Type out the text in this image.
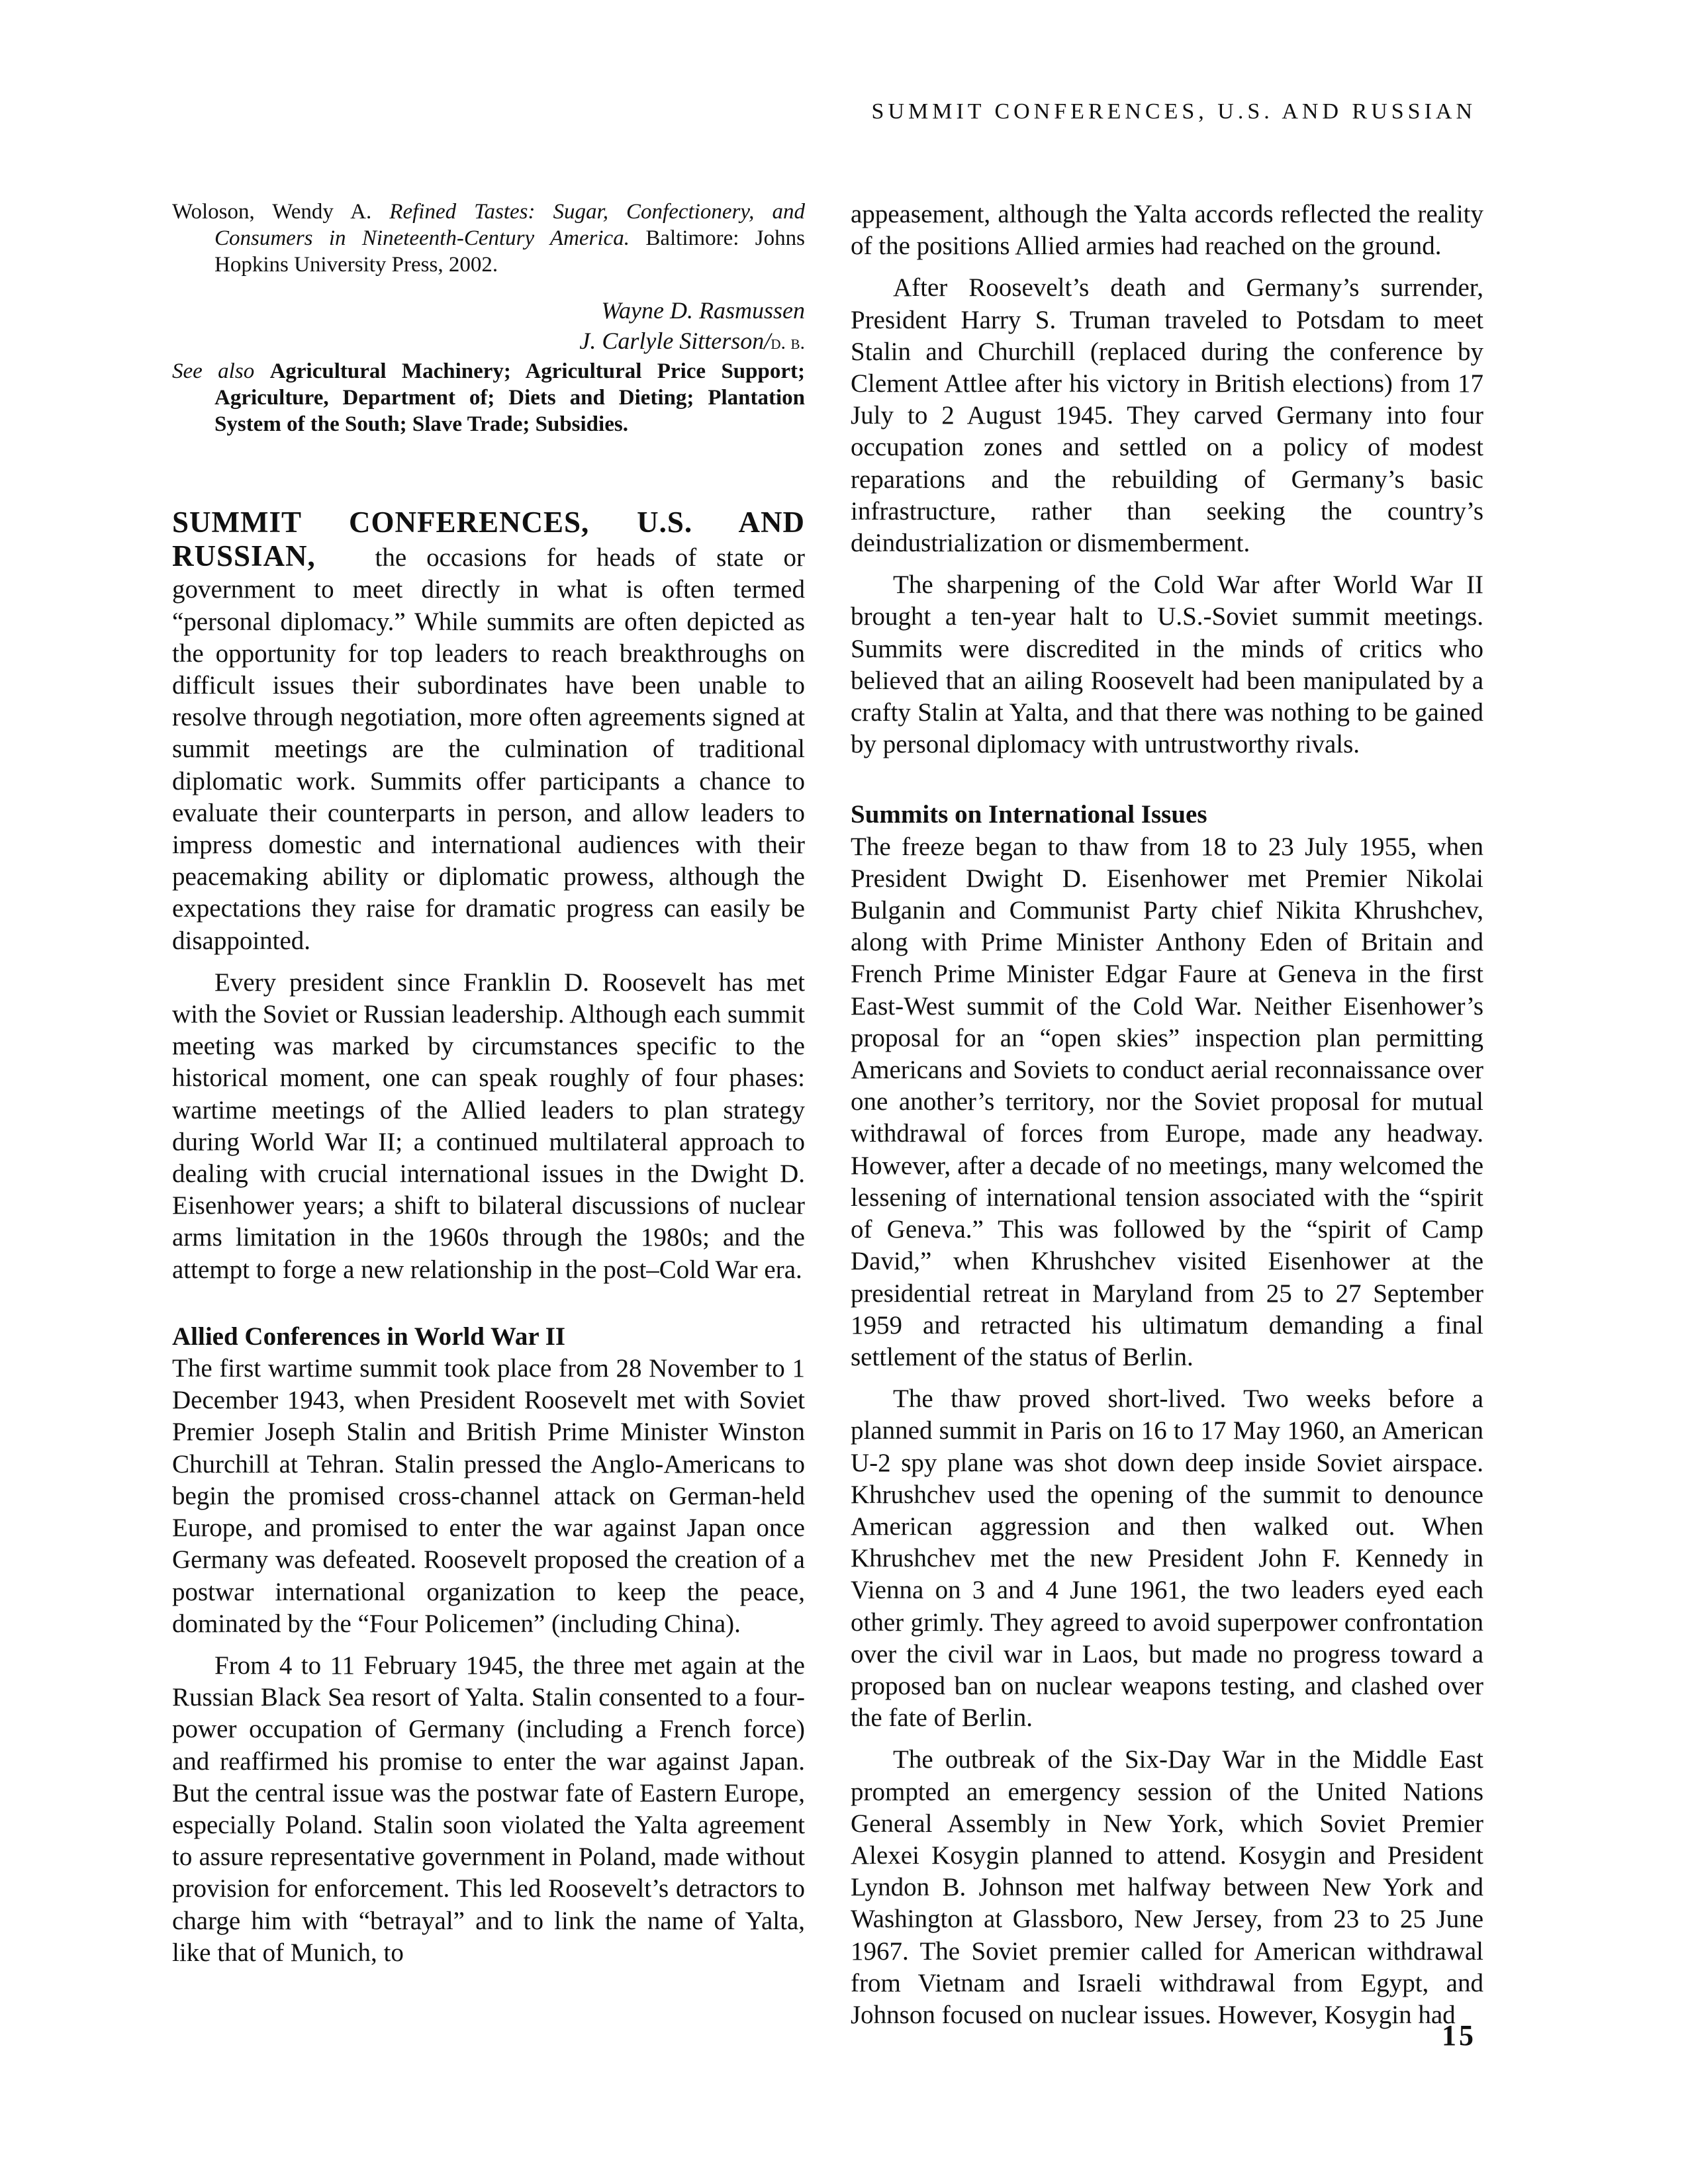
SUMMIT CONFERENCES, U.S. AND RUSSIAN

Woloson, Wendy A. Refined Tastes: Sugar, Confectionery, and Consumers in Nineteenth-Century America. Baltimore: Johns Hopkins University Press, 2002.

Wayne D. Rasmussen
J. Carlyle Sitterson/d. b.

See also Agricultural Machinery; Agricultural Price Support; Agriculture, Department of; Diets and Dieting; Plantation System of the South; Slave Trade; Subsidies.

SUMMIT CONFERENCES, U.S. AND RUSSIAN, the occasions for heads of state or government to meet directly in what is often termed “personal diplomacy.” While summits are often depicted as the opportunity for top leaders to reach breakthroughs on difficult issues their subordinates have been unable to resolve through negotiation, more often agreements signed at summit meetings are the culmination of traditional diplomatic work. Summits offer participants a chance to evaluate their counterparts in person, and allow leaders to impress domestic and international audiences with their peacemaking ability or diplomatic prowess, although the expectations they raise for dramatic progress can easily be disappointed.

Every president since Franklin D. Roosevelt has met with the Soviet or Russian leadership. Although each summit meeting was marked by circumstances specific to the historical moment, one can speak roughly of four phases: wartime meetings of the Allied leaders to plan strategy during World War II; a continued multilateral approach to dealing with crucial international issues in the Dwight D. Eisenhower years; a shift to bilateral discussions of nuclear arms limitation in the 1960s through the 1980s; and the attempt to forge a new relationship in the post–Cold War era.

Allied Conferences in World War II

The first wartime summit took place from 28 November to 1 December 1943, when President Roosevelt met with Soviet Premier Joseph Stalin and British Prime Minister Winston Churchill at Tehran. Stalin pressed the Anglo-Americans to begin the promised cross-channel attack on German-held Europe, and promised to enter the war against Japan once Germany was defeated. Roosevelt proposed the creation of a postwar international organization to keep the peace, dominated by the “Four Policemen” (including China).

From 4 to 11 February 1945, the three met again at the Russian Black Sea resort of Yalta. Stalin consented to a four-power occupation of Germany (including a French force) and reaffirmed his promise to enter the war against Japan. But the central issue was the postwar fate of Eastern Europe, especially Poland. Stalin soon violated the Yalta agreement to assure representative government in Poland, made without provision for enforcement. This led Roosevelt’s detractors to charge him with “betrayal” and to link the name of Yalta, like that of Munich, to

appeasement, although the Yalta accords reflected the reality of the positions Allied armies had reached on the ground.

After Roosevelt’s death and Germany’s surrender, President Harry S. Truman traveled to Potsdam to meet Stalin and Churchill (replaced during the conference by Clement Attlee after his victory in British elections) from 17 July to 2 August 1945. They carved Germany into four occupation zones and settled on a policy of modest reparations and the rebuilding of Germany’s basic infrastructure, rather than seeking the country’s deindustrialization or dismemberment.

The sharpening of the Cold War after World War II brought a ten-year halt to U.S.-Soviet summit meetings. Summits were discredited in the minds of critics who believed that an ailing Roosevelt had been manipulated by a crafty Stalin at Yalta, and that there was nothing to be gained by personal diplomacy with untrustworthy rivals.

Summits on International Issues

The freeze began to thaw from 18 to 23 July 1955, when President Dwight D. Eisenhower met Premier Nikolai Bulganin and Communist Party chief Nikita Khrushchev, along with Prime Minister Anthony Eden of Britain and French Prime Minister Edgar Faure at Geneva in the first East-West summit of the Cold War. Neither Eisenhower’s proposal for an “open skies” inspection plan permitting Americans and Soviets to conduct aerial reconnaissance over one another’s territory, nor the Soviet proposal for mutual withdrawal of forces from Europe, made any headway. However, after a decade of no meetings, many welcomed the lessening of international tension associated with the “spirit of Geneva.” This was followed by the “spirit of Camp David,” when Khrushchev visited Eisenhower at the presidential retreat in Maryland from 25 to 27 September 1959 and retracted his ultimatum demanding a final settlement of the status of Berlin.

The thaw proved short-lived. Two weeks before a planned summit in Paris on 16 to 17 May 1960, an American U-2 spy plane was shot down deep inside Soviet airspace. Khrushchev used the opening of the summit to denounce American aggression and then walked out. When Khrushchev met the new President John F. Kennedy in Vienna on 3 and 4 June 1961, the two leaders eyed each other grimly. They agreed to avoid superpower confrontation over the civil war in Laos, but made no progress toward a proposed ban on nuclear weapons testing, and clashed over the fate of Berlin.

The outbreak of the Six-Day War in the Middle East prompted an emergency session of the United Nations General Assembly in New York, which Soviet Premier Alexei Kosygin planned to attend. Kosygin and President Lyndon B. Johnson met halfway between New York and Washington at Glassboro, New Jersey, from 23 to 25 June 1967. The Soviet premier called for American withdrawal from Vietnam and Israeli withdrawal from Egypt, and Johnson focused on nuclear issues. However, Kosygin had

15
